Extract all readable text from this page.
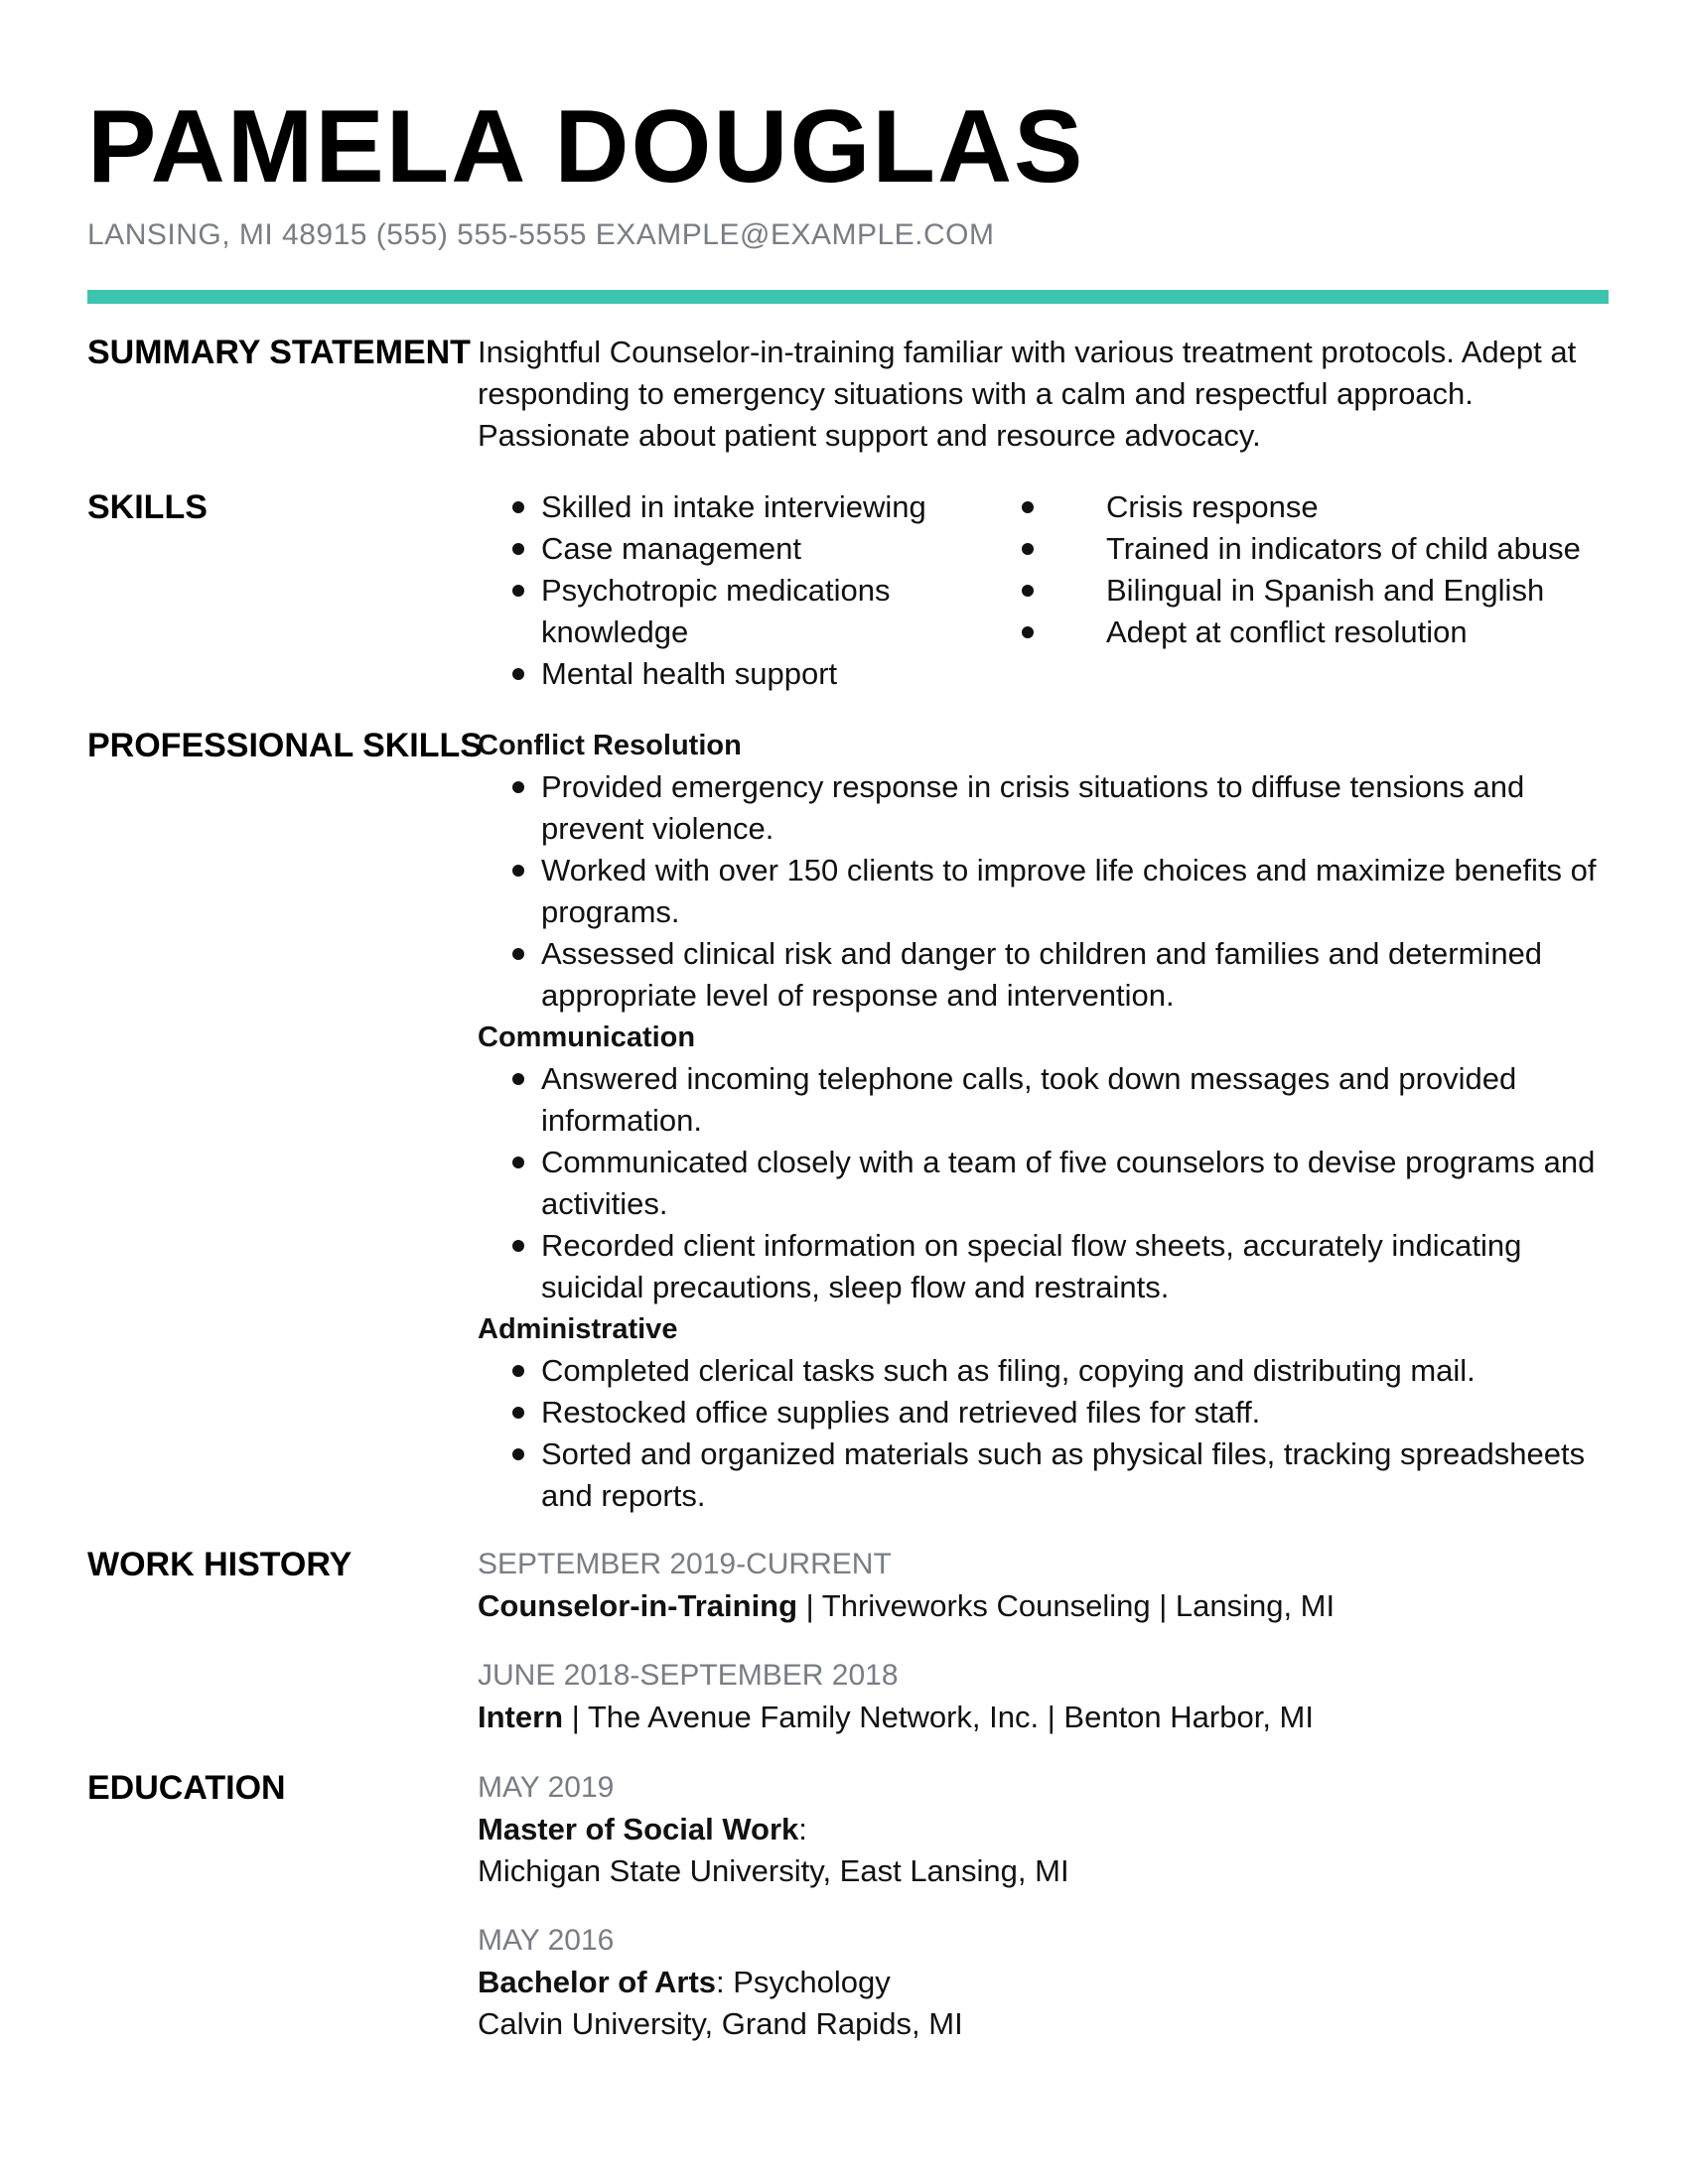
PAMELA DOUGLAS
LANSING, MI 48915 (555) 555-5555 EXAMPLE@EXAMPLE.COM
SUMMARY STATEMENT Insightful Counselor-in-training familiar with various treatment protocols. Adept at responding to emergency situations with a calm and respectful approach. Passionate about patient support and resource advocacy.

SKILLS	Skilled in intake interviewing
Case management
Psychotropic medications knowledge
Mental health support
Crisis response
Trained in indicators of child abuse
Bilingual in Spanish and English
Adept at conflict resolution
PROFESSIONAL SKILLS
Conflict Resolution
Provided emergency response in crisis situations to diffuse tensions and prevent violence.
Worked with over 150 clients to improve life choices and maximize benefits of programs.
Assessed clinical risk and danger to children and families and determined appropriate level of response and intervention.
Communication
Answered incoming telephone calls, took down messages and provided information.
Communicated closely with a team of five counselors to devise programs and activities.
Recorded client information on special flow sheets, accurately indicating suicidal precautions, sleep flow and restraints.
Administrative
Completed clerical tasks such as filing, copying and distributing mail.
Restocked office supplies and retrieved files for staff.
Sorted and organized materials such as physical files, tracking spreadsheets and reports.
WORK HISTORY	SEPTEMBER 2019-CURRENT
Counselor-in-Training | Thriveworks Counseling | Lansing, MI
JUNE 2018-SEPTEMBER 2018
Intern | The Avenue Family Network, Inc. | Benton Harbor, MI
EDUCATION	MAY 2019
Master of Social Work:
Michigan State University, East Lansing, MI
MAY 2016
Bachelor of Arts: Psychology
Calvin University, Grand Rapids, MI
